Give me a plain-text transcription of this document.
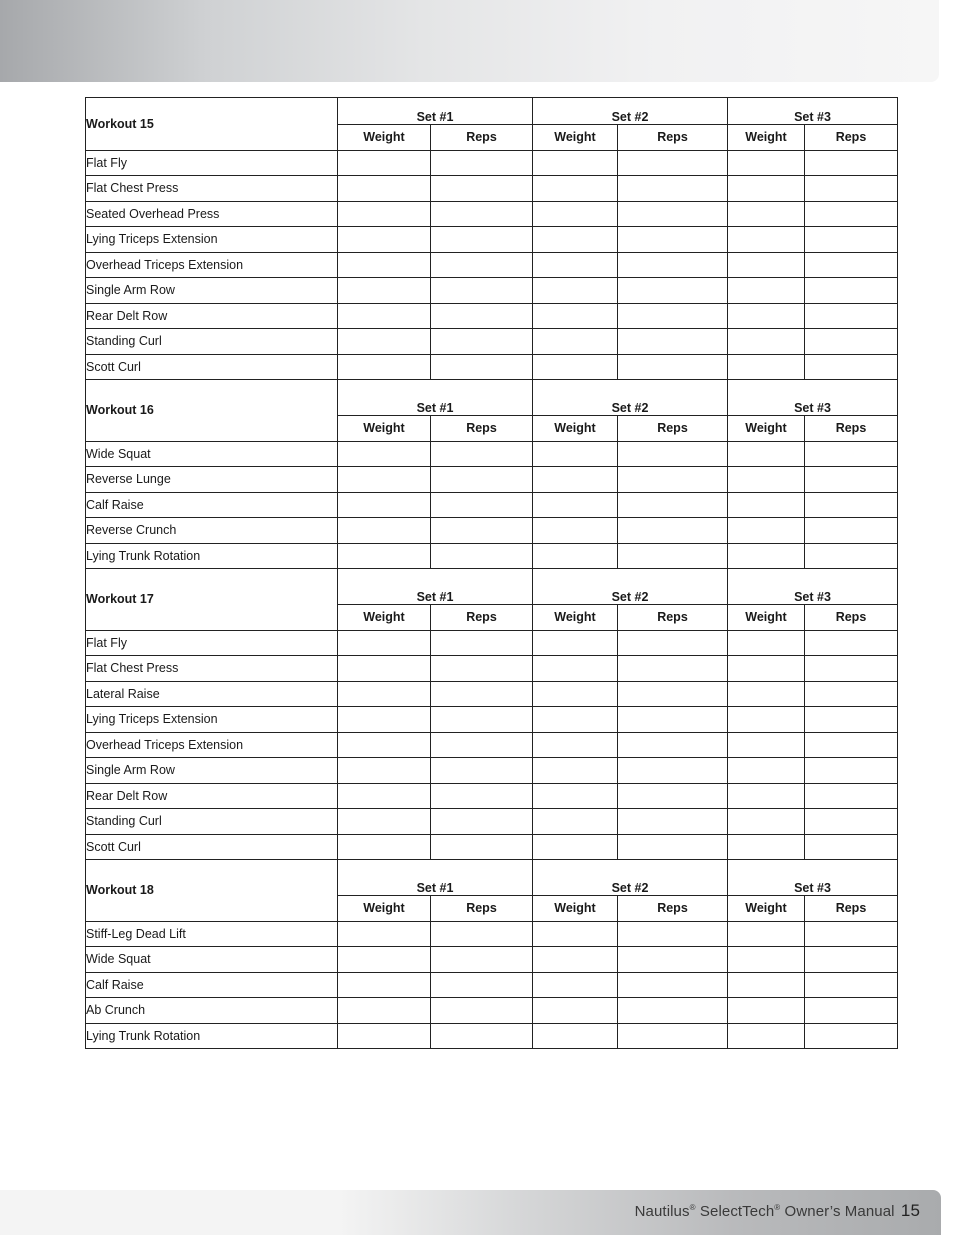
Workout 15	Set #1		Set #2		Set #3	
	Weight	Reps	Weight	Reps	Weight	Reps
Flat Fly						
Flat Chest Press						
Seated Overhead Press						
Lying Triceps Extension						
Overhead Triceps Extension						
Single Arm Row						
Rear Delt Row						
Standing Curl						
Scott Curl						
Workout 16	Set #1		Set #2		Set #3	
	Weight	Reps	Weight	Reps	Weight	Reps
Wide Squat						
Reverse Lunge						
Calf Raise						
Reverse Crunch						
Lying Trunk Rotation						
Workout 17	Set #1		Set #2		Set #3	
	Weight	Reps	Weight	Reps	Weight	Reps
Flat Fly						
Flat Chest Press						
Lateral Raise						
Lying Triceps Extension						
Overhead Triceps Extension						
Single Arm Row						
Rear Delt Row						
Standing Curl						
Scott Curl						
Workout 18	Set #1		Set #2		Set #3	
	Weight	Reps	Weight	Reps	Weight	Reps
Stiff-Leg Dead Lift						
Wide Squat						
Calf Raise						
Ab Crunch						
Lying Trunk Rotation						
Nautilus® SelectTech® Owner’s Manual 15
